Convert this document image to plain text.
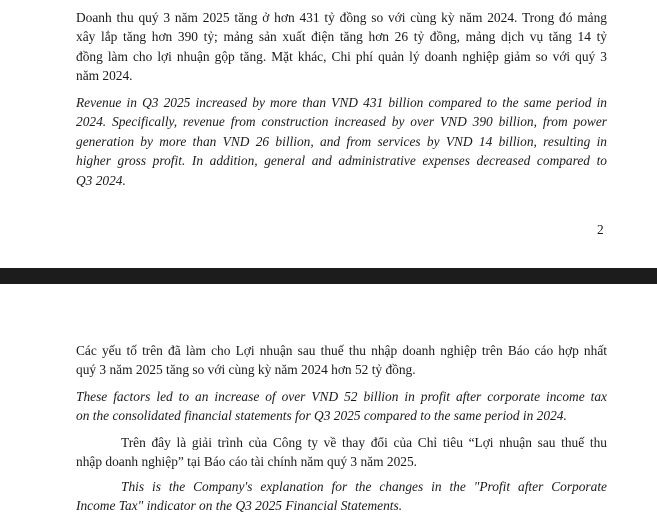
Doanh thu quý 3 năm 2025 tăng ở hơn 431 tỷ đồng so với cùng kỳ năm 2024. Trong đó mảng
xây lắp tăng hơn 390 tỷ; mảng sản xuất điện tăng hơn 26 tỷ đồng, mảng dịch vụ tăng 14 tỷ
đồng làm cho lợi nhuận gộp tăng. Mặt khác, Chi phí quản lý doanh nghiệp giảm so với quý 3
năm 2024.

Revenue in Q3 2025 increased by more than VND 431 billion compared to the same period in
2024. Specifically, revenue from construction increased by over VND 390 billion, from power
generation by more than VND 26 billion, and from services by VND 14 billion, resulting in
higher gross profit. In addition, general and administrative expenses decreased compared to
Q3 2024.

2

Các yếu tố trên đã làm cho Lợi nhuận sau thuế thu nhập doanh nghiệp trên Báo cáo hợp nhất
quý 3 năm 2025 tăng so với cùng kỳ năm 2024 hơn 52 tỷ đồng.

These factors led to an increase of over VND 52 billion in profit after corporate income tax
on the consolidated financial statements for Q3 2025 compared to the same period in 2024.

Trên đây là giải trình của Công ty về thay đổi của Chỉ tiêu “Lợi nhuận sau thuế thu
nhập doanh nghiệp” tại Báo cáo tài chính năm quý 3 năm 2025.

This is the Company's explanation for the changes in the "Profit after Corporate
Income Tax" indicator on the Q3 2025 Financial Statements.
